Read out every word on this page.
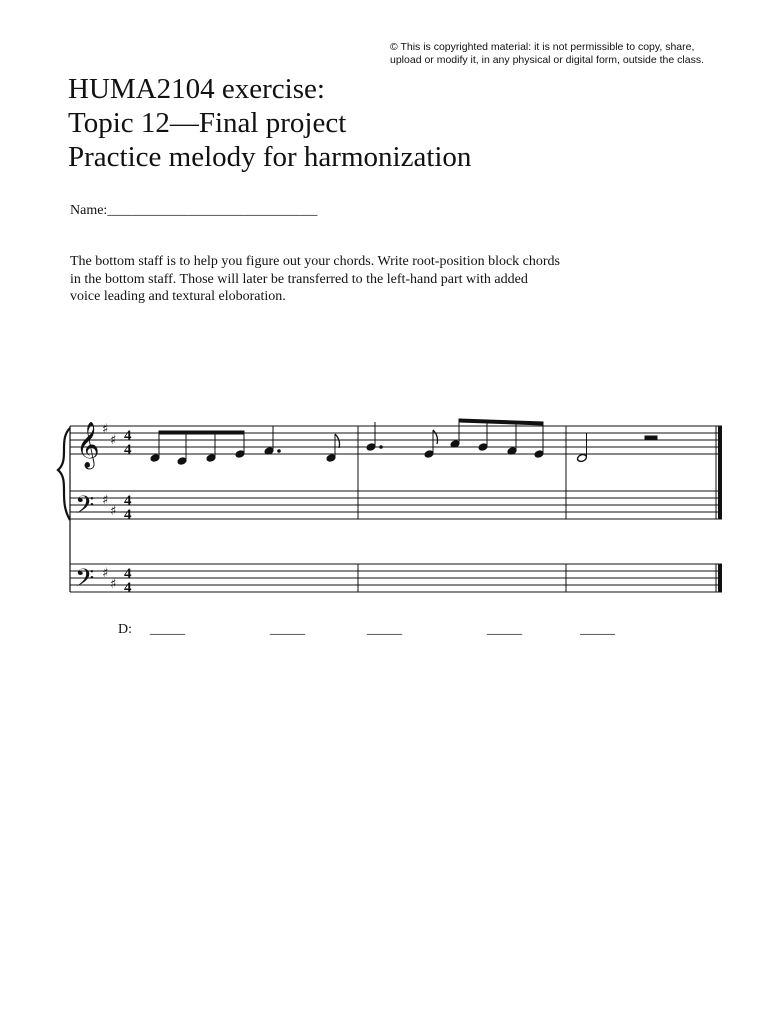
© This is copyrighted material: it is not permissible to copy, share,
upload or modify it, in any physical or digital form, outside the class.
HUMA2104 exercise:
Topic 12—Final project
Practice melody for harmonization
Name:______________________________
The bottom staff is to help you figure out your chords. Write root-position block chords
in the bottom staff. Those will later be transferred to the left-hand part with added
voice leading and textural eloboration.
𝄞
𝄢
𝄢
♯
♯
♯
♯
♯
♯
4
4
4
4
4
4
D: _____	_____	_____	_____	_____
